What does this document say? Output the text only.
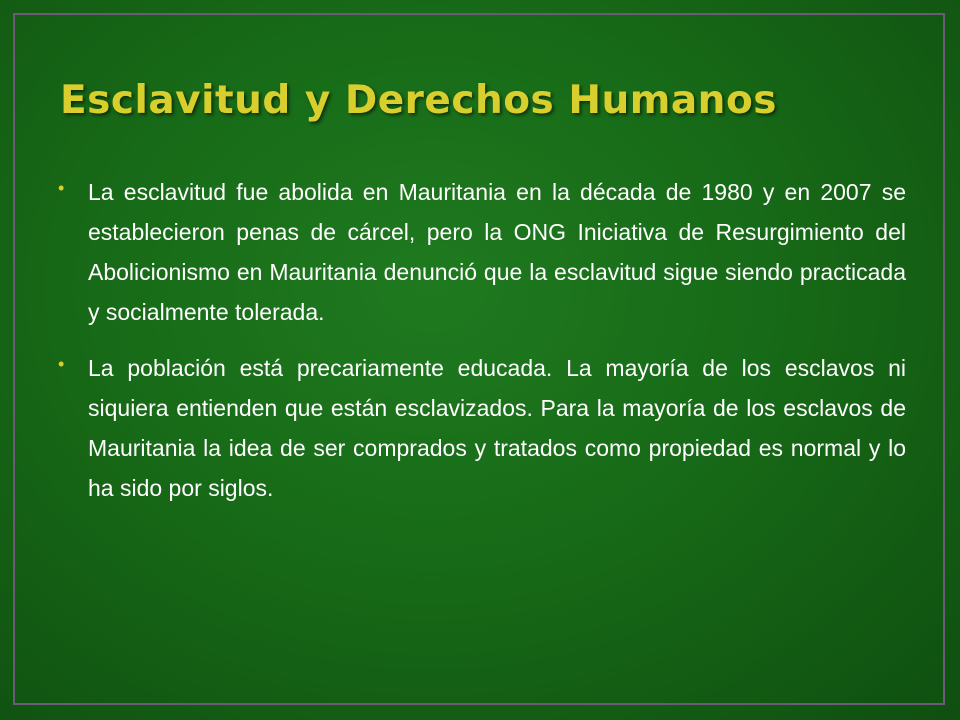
Esclavitud y Derechos Humanos
• La esclavitud fue abolida en Mauritania en la década de 1980 y en 2007 se establecieron penas de cárcel, pero la ONG Iniciativa de Resurgimiento del Abolicionismo en Mauritania denunció que la esclavitud sigue siendo practicada y socialmente tolerada.
• La población está precariamente educada. La mayoría de los esclavos ni siquiera entienden que están esclavizados. Para la mayoría de los esclavos de Mauritania la idea de ser comprados y tratados como propiedad es normal y lo ha sido por siglos.
